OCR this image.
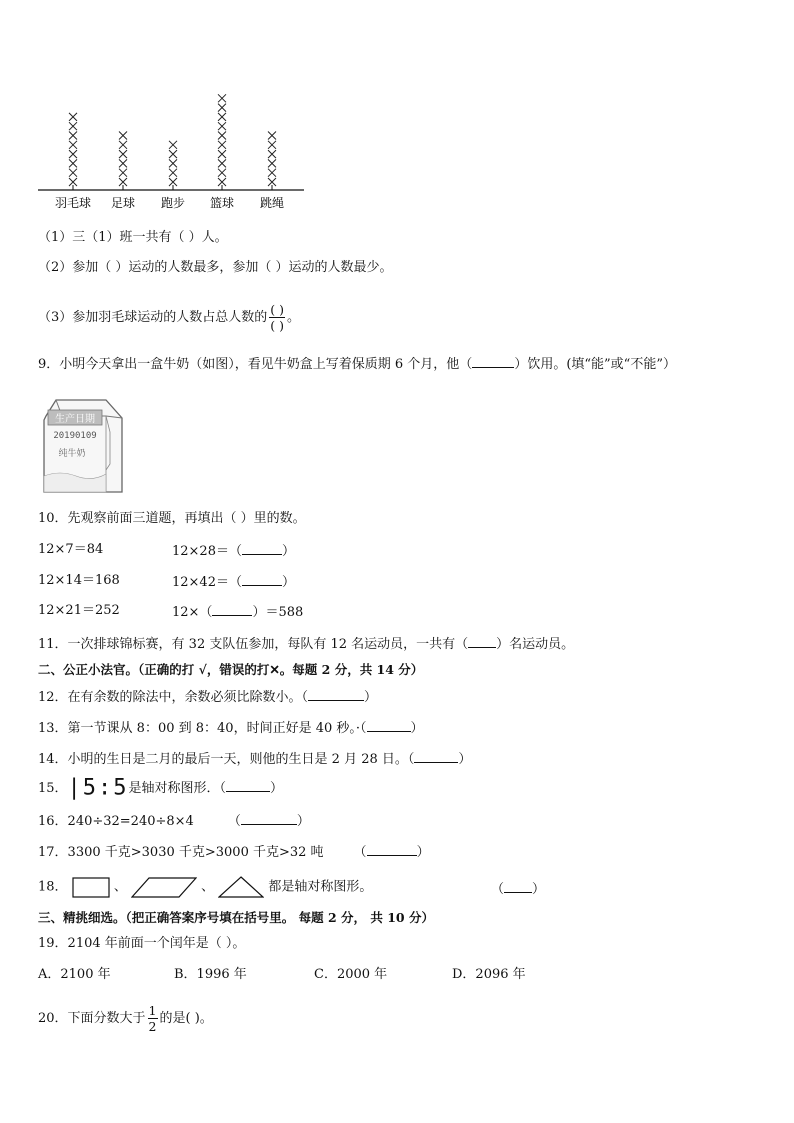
羽毛球 足球 跑步 篮球 跳绳
（1）三（1）班一共有（ ）人。
（2）参加（ ）运动的人数最多，参加（ ）运动的人数最少。
（3）参加羽毛球运动的人数占总人数的 $\frac{( )}{( )}$ 。
9．小明今天拿出一盒牛奶（如图），看见牛奶盒上写着保质期 6 个月，他（	）饮用。(填“能”或“不能”）
生产日期
20190109
纯牛奶
10．先观察前面三道题，再填出（ ）里的数。
12×7＝84	12×28＝（	）
12×14＝168	12×42＝（	）
12×21＝252	12×（	）＝588
11．一次排球锦标赛，有 32 支队伍参加，每队有 12 名运动员，一共有（ ）名运动员。
二、公正小法官。（正确的打 √，错误的打✕。每题 2 分，共 14 分）
12．在有余数的除法中，余数必须比除数小。（	）
13．第一节课从 8：00 到 8：40，时间正好是 40 秒。·（	）
14．小明的生日是二月的最后一天，则他的生日是 2 月 28 日。（	）
15．|5:5是轴对称图形．（	）
16．240÷32=240÷8×4	（	）
17．3300 千克>3030 千克>3000 千克>32 吨 （	）
18．	、	、	都是轴对称图形。	（ ）
三、精挑细选。（把正确答案序号填在括号里。 每题 2 分， 共 10 分）
19．2104 年前面一个闰年是（ ）。
A．2100 年	B．1996 年	C．2000 年	D．2096 年
20．下面分数大于 $\frac{1}{2}$ 的是( )。
